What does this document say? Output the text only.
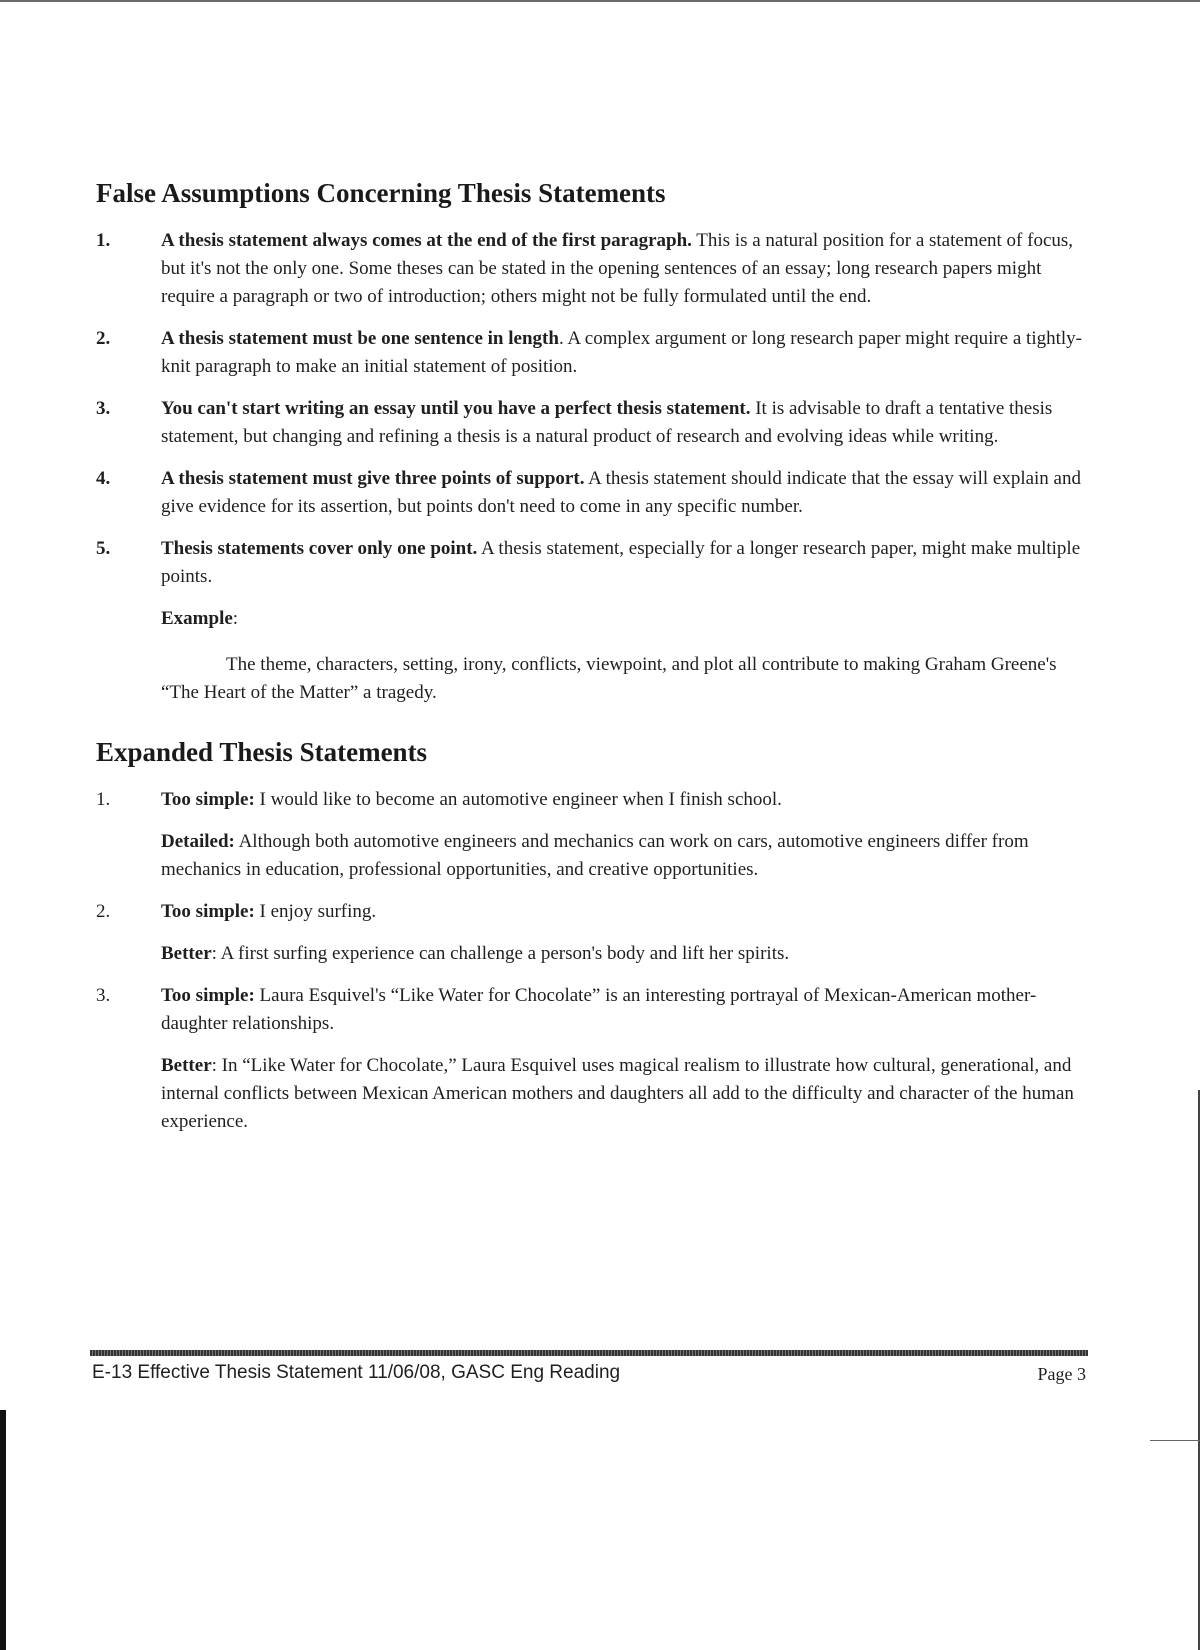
False Assumptions Concerning Thesis Statements
1.	A thesis statement always comes at the end of the first paragraph. This is a natural position for a statement of focus, but it's not the only one. Some theses can be stated in the opening sentences of an essay; long research papers might require a paragraph or two of introduction; others might not be fully formulated until the end.
2.	A thesis statement must be one sentence in length. A complex argument or long research paper might require a tightly-knit paragraph to make an initial statement of position.
3.	You can't start writing an essay until you have a perfect thesis statement. It is advisable to draft a tentative thesis statement, but changing and refining a thesis is a natural product of research and evolving ideas while writing.
4.	A thesis statement must give three points of support. A thesis statement should indicate that the essay will explain and give evidence for its assertion, but points don't need to come in any specific number.
5.	Thesis statements cover only one point. A thesis statement, especially for a longer research paper, might make multiple points.
Example:
The theme, characters, setting, irony, conflicts, viewpoint, and plot all contribute to making Graham Greene's “The Heart of the Matter” a tragedy.
Expanded Thesis Statements
1.	Too simple: I would like to become an automotive engineer when I finish school.
Detailed: Although both automotive engineers and mechanics can work on cars, automotive engineers differ from mechanics in education, professional opportunities, and creative opportunities.
2.	Too simple: I enjoy surfing.
Better: A first surfing experience can challenge a person's body and lift her spirits.
3.	Too simple: Laura Esquivel's “Like Water for Chocolate” is an interesting portrayal of Mexican-American mother-daughter relationships.
Better: In “Like Water for Chocolate,” Laura Esquivel uses magical realism to illustrate how cultural, generational, and internal conflicts between Mexican American mothers and daughters all add to the difficulty and character of the human experience.
E-13 Effective Thesis Statement 11/06/08, GASC Eng Reading	Page 3
